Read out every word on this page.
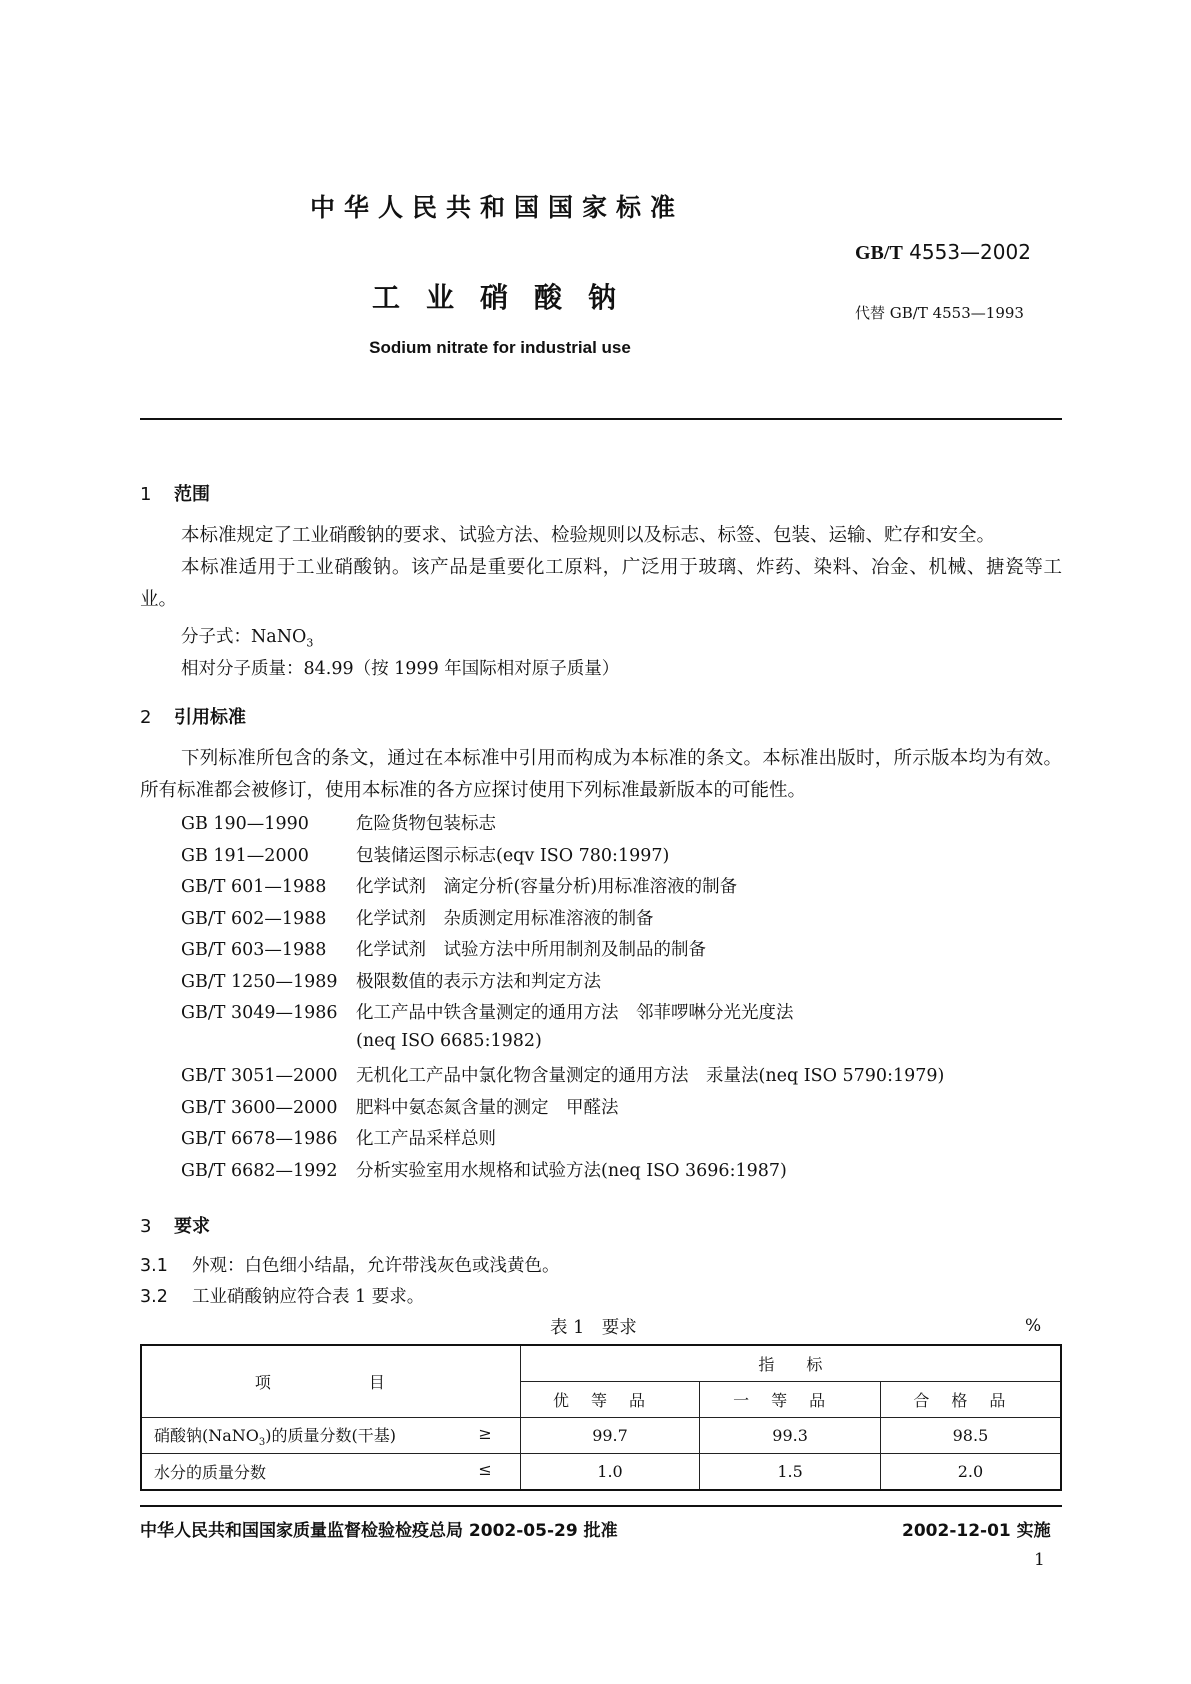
中华人民共和国国家标准
GB/T 4553—2002
工业硝酸钠	代替 GB/T 4553—1993
Sodium nitrate for industrial use
1 范围
本标准规定了工业硝酸钠的要求、试验方法、检验规则以及标志、标签、包装、运输、贮存和安全。
本标准适用于工业硝酸钠。该产品是重要化工原料，广泛用于玻璃、炸药、染料、冶金、机械、搪瓷等工业。
分子式：NaNO$_3$
相对分子质量：84.99（按 1999 年国际相对原子质量）
2 引用标准
下列标准所包含的条文，通过在本标准中引用而构成为本标准的条文。本标准出版时，所示版本均为有效。所有标准都会被修订，使用本标准的各方应探讨使用下列标准最新版本的可能性。
GB 190—1990	危险货物包装标志
GB 191—2000	包装储运图示标志(eqv ISO 780:1997)
GB/T 601—1988 化学试剂　滴定分析(容量分析)用标准溶液的制备
GB/T 602—1988 化学试剂　杂质测定用标准溶液的制备
GB/T 603—1988 化学试剂　试验方法中所用制剂及制品的制备
GB/T 1250—1989 极限数值的表示方法和判定方法
GB/T 3049—1986 化工产品中铁含量测定的通用方法　邻菲啰啉分光光度法
(neq ISO 6685:1982)
GB/T 3051—2000 无机化工产品中氯化物含量测定的通用方法　汞量法(neq ISO 5790:1979)
GB/T 3600—2000 肥料中氨态氮含量的测定　甲醛法
GB/T 6678—1986 化工产品采样总则
GB/T 6682—1992 分析实验室用水规格和试验方法(neq ISO 3696:1987)
3 要求
3.1 外观：白色细小结晶，允许带浅灰色或浅黄色。
3.2 工业硝酸钠应符合表 1 要求。
表 1　要求	%
项　　目	指　　标		
	优等品	一等品	合格品
硝酸钠(NaNO$_3$)的质量分数(干基) ≥	99.7	99.3	98.5
水分的质量分数 ≤	1.0	1.5	2.0
中华人民共和国国家质量监督检验检疫总局 2002-05-29 批准	2002-12-01 实施
1
